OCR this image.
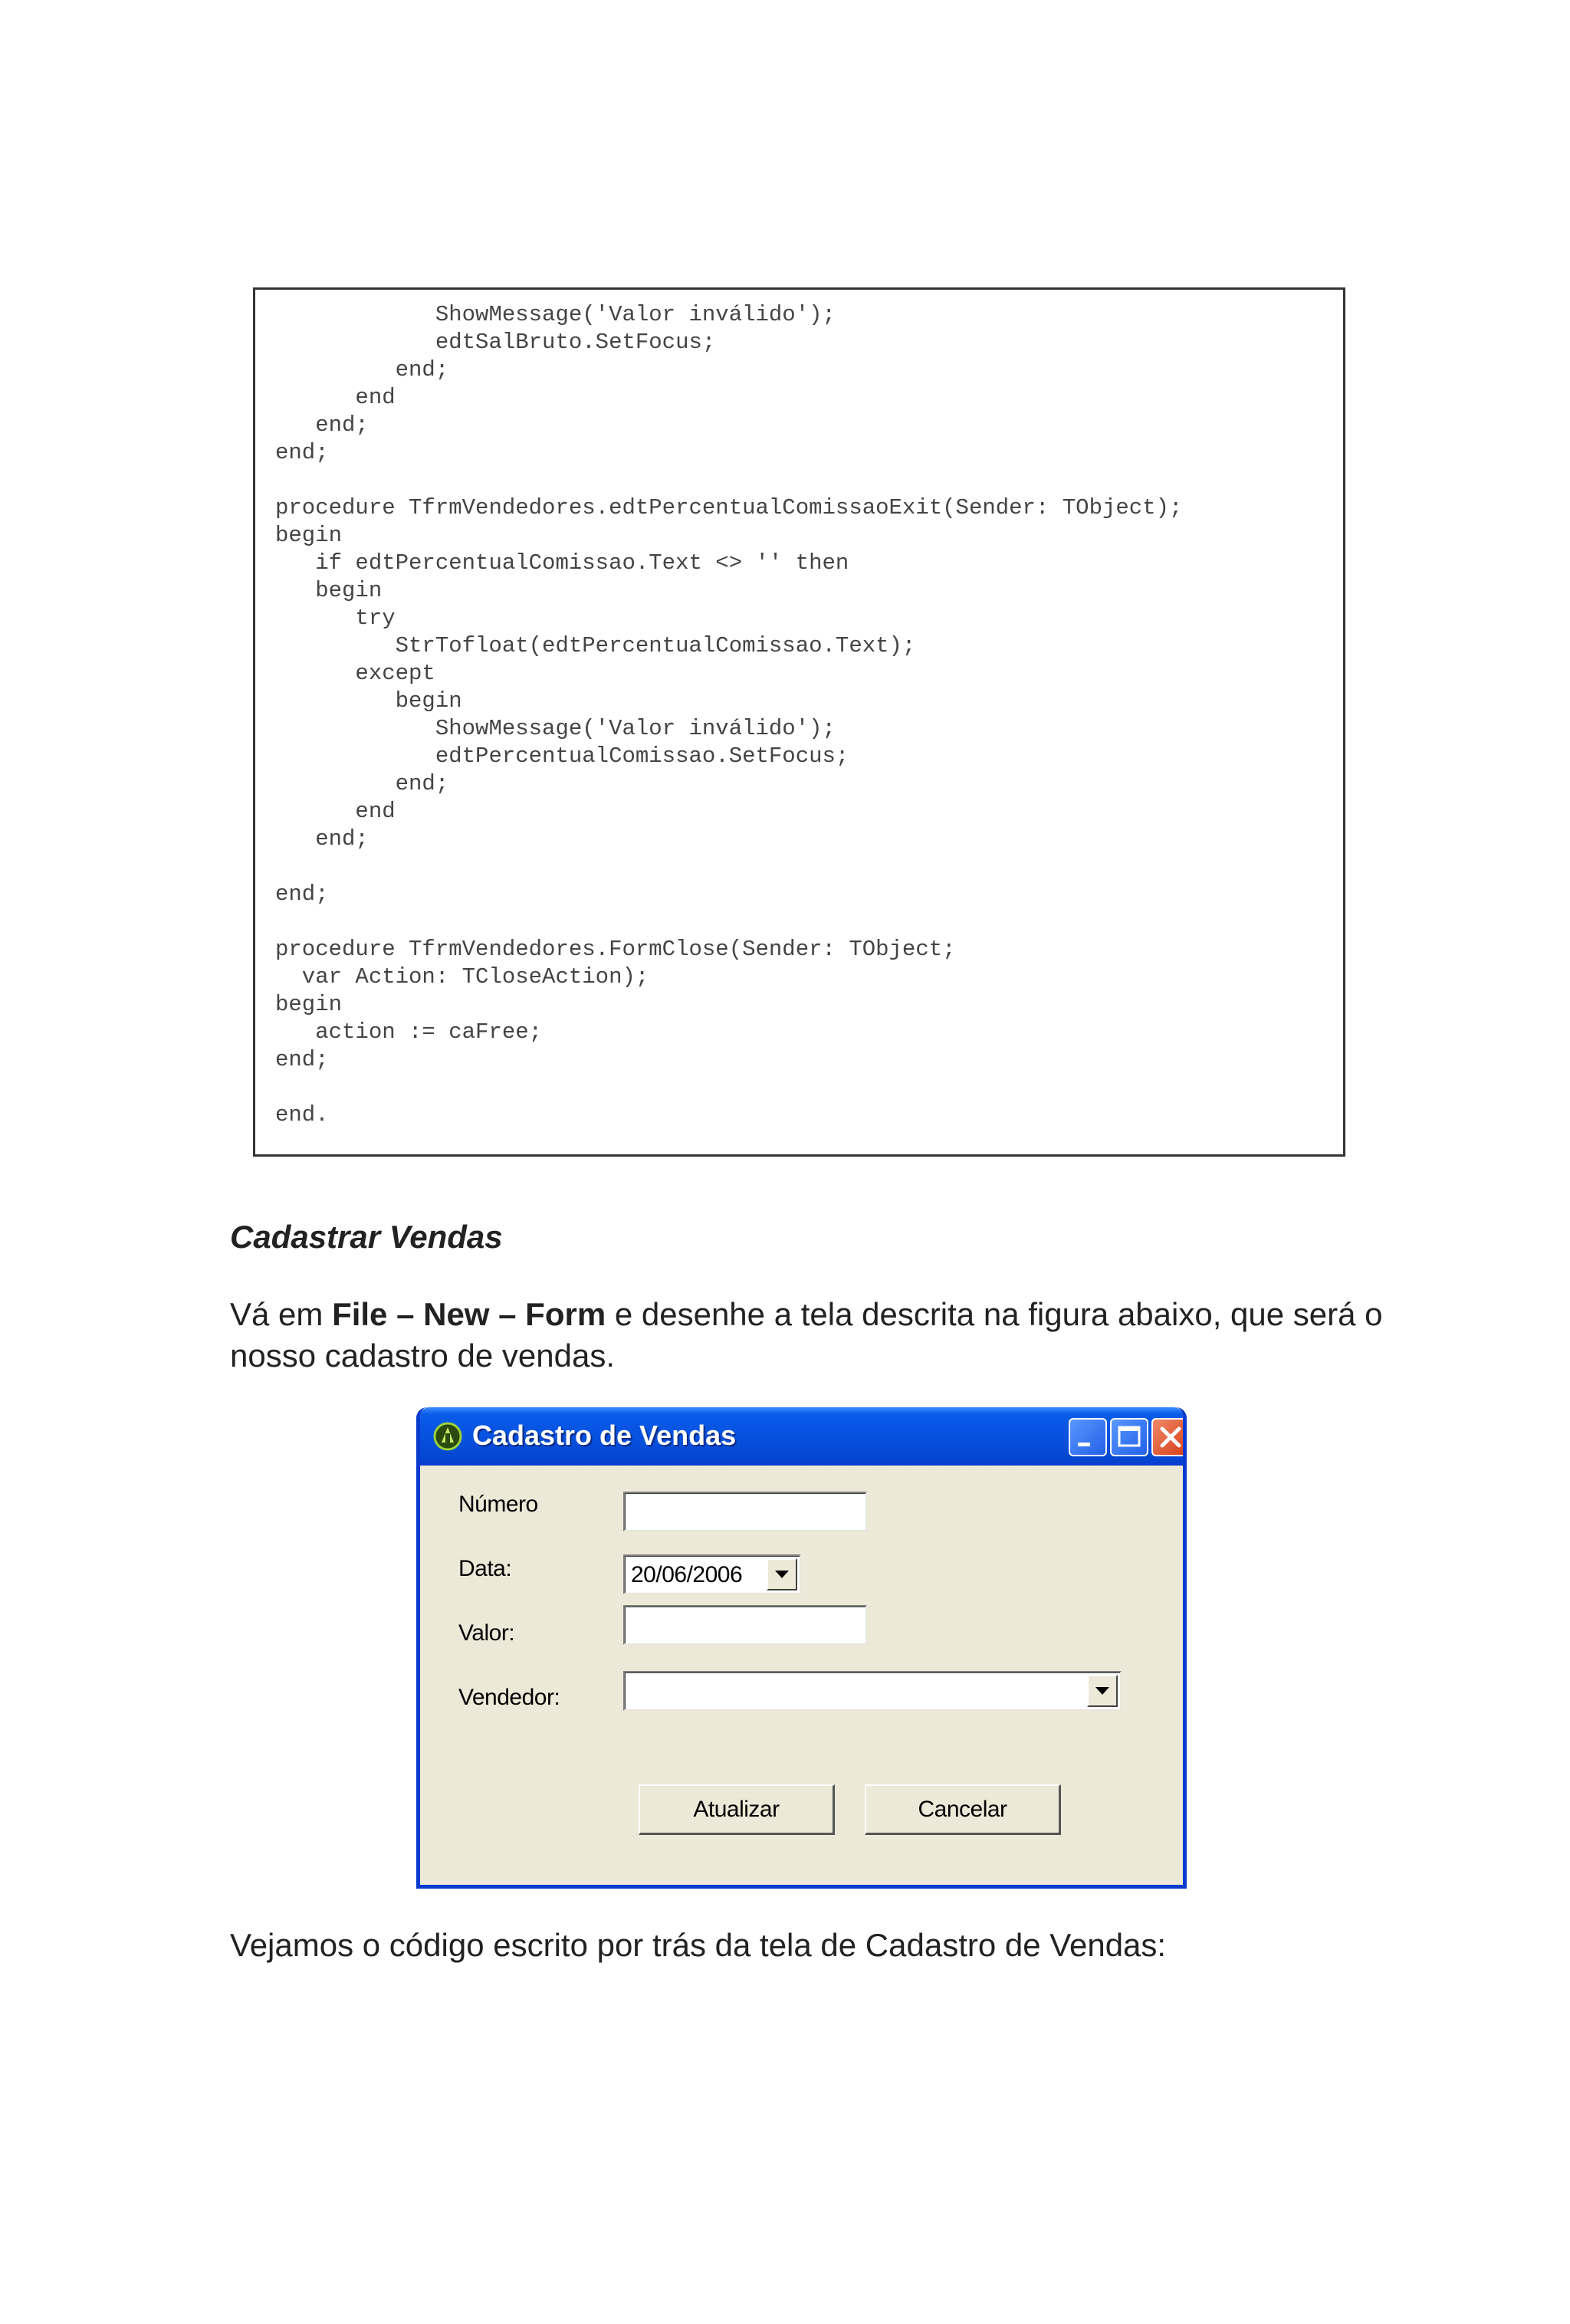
ShowMessage('Valor inválido');
edtSalBruto.SetFocus;
end;
end
end;
end;
procedure TfrmVendedores.edtPercentualComissaoExit(Sender: TObject);
begin
if edtPercentualComissao.Text <> '' then
begin
try
StrTofloat(edtPercentualComissao.Text);
except
begin
ShowMessage('Valor inválido');
edtPercentualComissao.SetFocus;
end;
end
end;
end;
procedure TfrmVendedores.FormClose(Sender: TObject;
var Action: TCloseAction);
begin
action := caFree;
end;
end.
Cadastrar Vendas
Vá em File – New – Form e desenhe a tela descrita na figura abaixo, que será o nosso cadastro de vendas.
Cadastro de Vendas
Número
Data:	20/06/2006
Valor:
Vendedor:
Atualizar	Cancelar
Vejamos o código escrito por trás da tela de Cadastro de Vendas:
